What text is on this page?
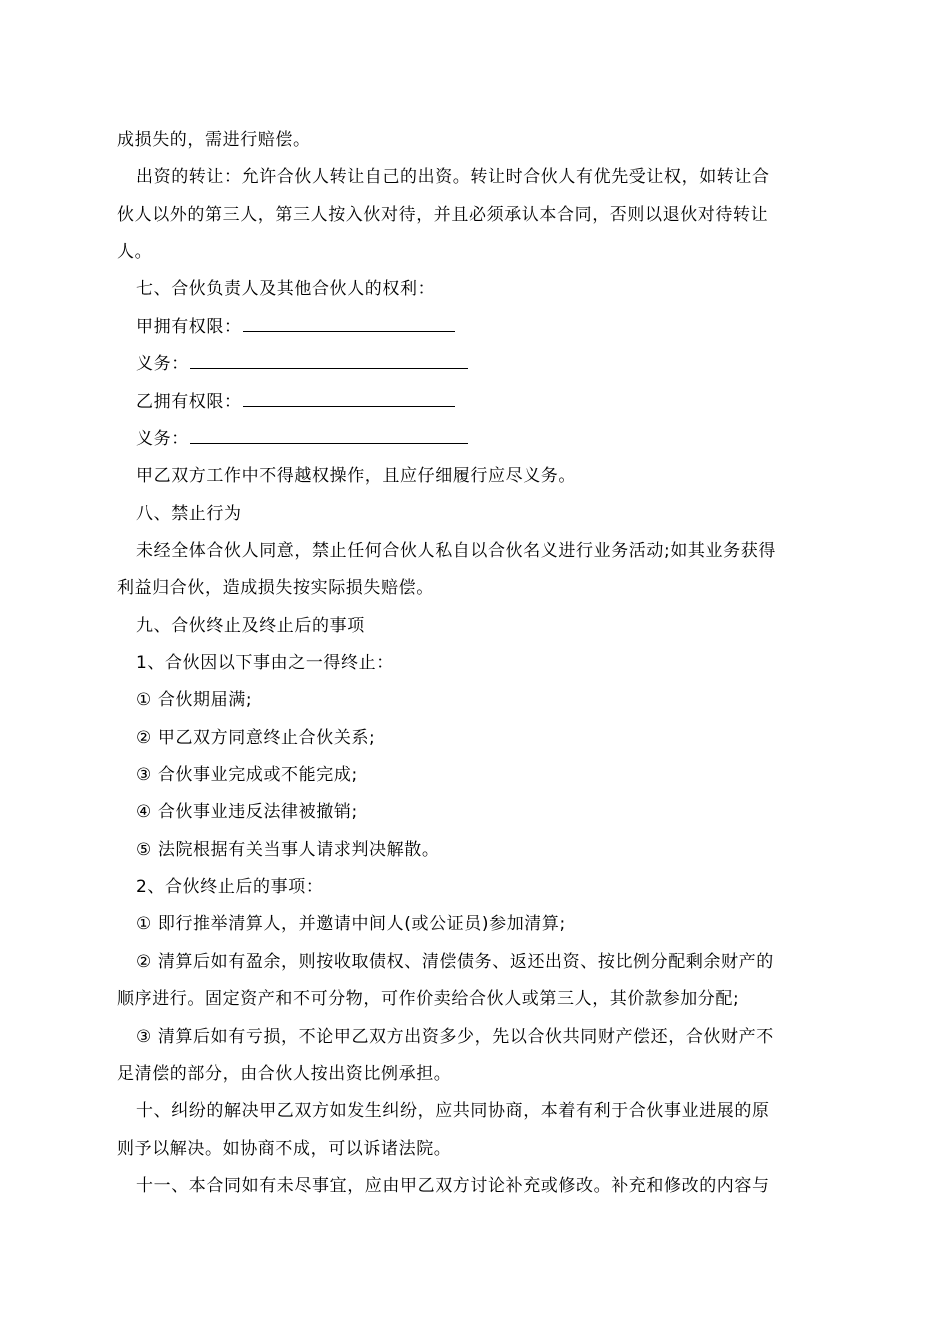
成损失的，需进行赔偿。
出资的转让：允许合伙人转让自己的出资。转让时合伙人有优先受让权，如转让合
伙人以外的第三人，第三人按入伙对待，并且必须承认本合同，否则以退伙对待转让
人。
七、合伙负责人及其他合伙人的权利：
甲拥有权限：
义务：
乙拥有权限：
义务：
甲乙双方工作中不得越权操作，且应仔细履行应尽义务。
八、禁止行为
未经全体合伙人同意，禁止任何合伙人私自以合伙名义进行业务活动;如其业务获得
利益归合伙，造成损失按实际损失赔偿。
九、合伙终止及终止后的事项
1、合伙因以下事由之一得终止：
① 合伙期届满;
② 甲乙双方同意终止合伙关系;
③ 合伙事业完成或不能完成;
④ 合伙事业违反法律被撤销;
⑤ 法院根据有关当事人请求判决解散。
2、合伙终止后的事项：
① 即行推举清算人，并邀请中间人(或公证员)参加清算;
② 清算后如有盈余，则按收取债权、清偿债务、返还出资、按比例分配剩余财产的
顺序进行。固定资产和不可分物，可作价卖给合伙人或第三人，其价款参加分配;
③ 清算后如有亏损，不论甲乙双方出资多少，先以合伙共同财产偿还，合伙财产不
足清偿的部分，由合伙人按出资比例承担。
十、纠纷的解决甲乙双方如发生纠纷，应共同协商，本着有利于合伙事业进展的原
则予以解决。如协商不成，可以诉诸法院。
十一、本合同如有未尽事宜，应由甲乙双方讨论补充或修改。补充和修改的内容与
